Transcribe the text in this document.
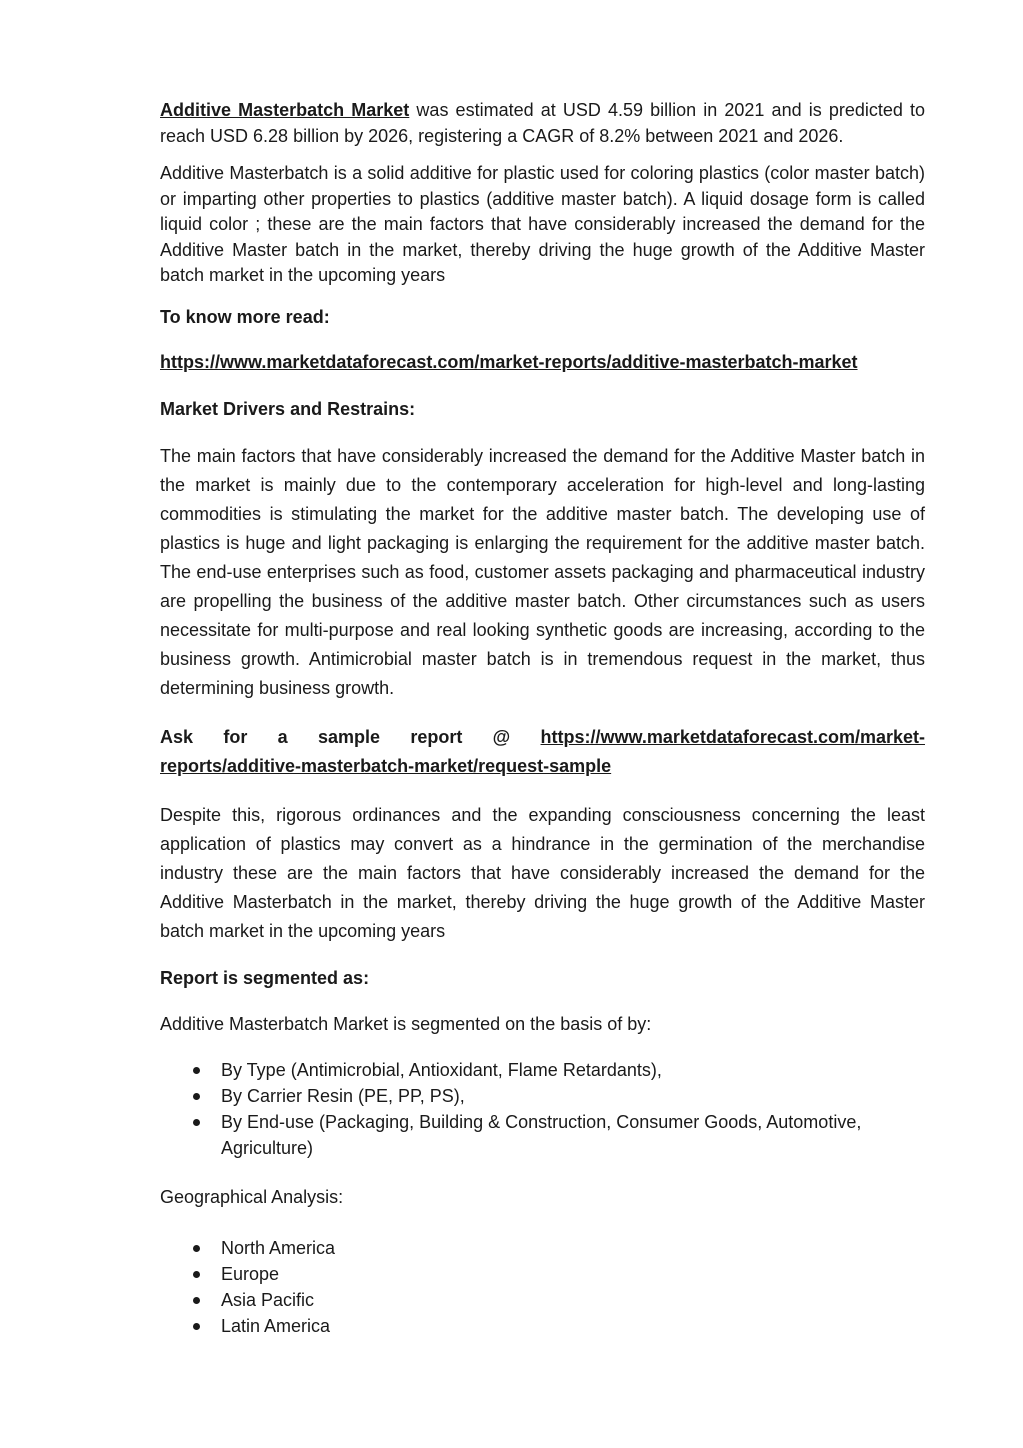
Additive Masterbatch Market was estimated at USD 4.59 billion in 2021 and is predicted to reach USD 6.28 billion by 2026, registering a CAGR of 8.2% between 2021 and 2026.

Additive Masterbatch is a solid additive for plastic used for coloring plastics (color master batch) or imparting other properties to plastics (additive master batch). A liquid dosage form is called liquid color ; these are the main factors that have considerably increased the demand for the Additive Master batch in the market, thereby driving the huge growth of the Additive Master batch market in the upcoming years

To know more read:

https://www.marketdataforecast.com/market-reports/additive-masterbatch-market

Market Drivers and Restrains:

The main factors that have considerably increased the demand for the Additive Master batch in the market is mainly due to the contemporary acceleration for high-level and long-lasting commodities is stimulating the market for the additive master batch. The developing use of plastics is huge and light packaging is enlarging the requirement for the additive master batch. The end-use enterprises such as food, customer assets packaging and pharmaceutical industry are propelling the business of the additive master batch. Other circumstances such as users necessitate for multi-purpose and real looking synthetic goods are increasing, according to the business growth. Antimicrobial master batch is in tremendous request in the market, thus determining business growth.

Ask for a sample report @ https://www.marketdataforecast.com/market-
reports/additive-masterbatch-market/request-sample

Despite this, rigorous ordinances and the expanding consciousness concerning the least application of plastics may convert as a hindrance in the germination of the merchandise industry these are the main factors that have considerably increased the demand for the Additive Masterbatch in the market, thereby driving the huge growth of the Additive Master batch market in the upcoming years

Report is segmented as:

Additive Masterbatch Market is segmented on the basis of by:

By Type (Antimicrobial, Antioxidant, Flame Retardants),
By Carrier Resin (PE, PP, PS),
By End-use (Packaging, Building & Construction, Consumer Goods, Automotive, Agriculture)

Geographical Analysis:

North America
Europe
Asia Pacific
Latin America
